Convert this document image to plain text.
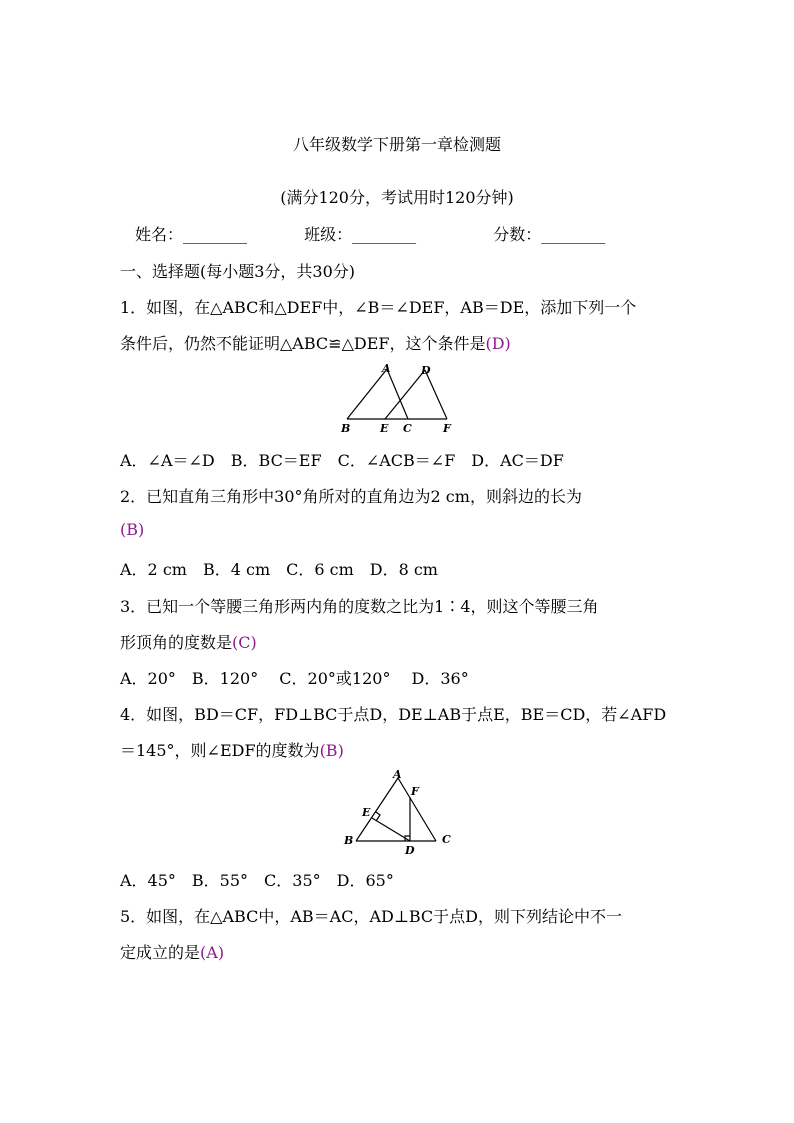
八年级数学下册第一章检测题
(满分120分，考试用时120分钟)
姓名：________	班级：________	分数：________
一、选择题(每小题3分，共30分)
1．如图，在△ABC和△DEF中，∠B＝∠DEF，AB＝DE，添加下列一个
条件后，仍然不能证明△ABC≌△DEF，这个条件是(D)
A	D
B	E C	F
A．∠A＝∠D　B．BC＝EF　C．∠ACB＝∠F　D．AC＝DF
2．已知直角三角形中30°角所对的直角边为2 cm，则斜边的长为
(B)
A．2 cm　B．4 cm　C．6 cm　D．8 cm
3．已知一个等腰三角形两内角的度数之比为1∶4，则这个等腰三角
形顶角的度数是(C)
A．20°　B．120°　 C．20°或120°　 D．36°
4．如图，BD＝CF，FD⊥BC于点D，DE⊥AB于点E，BE＝CD，若∠AFD
＝145°，则∠EDF的度数为(B)
A
F
E
B	C
D
A．45°　B．55°　C．35°　D．65°
5．如图，在△ABC中，AB＝AC，AD⊥BC于点D，则下列结论中不一
定成立的是(A)
